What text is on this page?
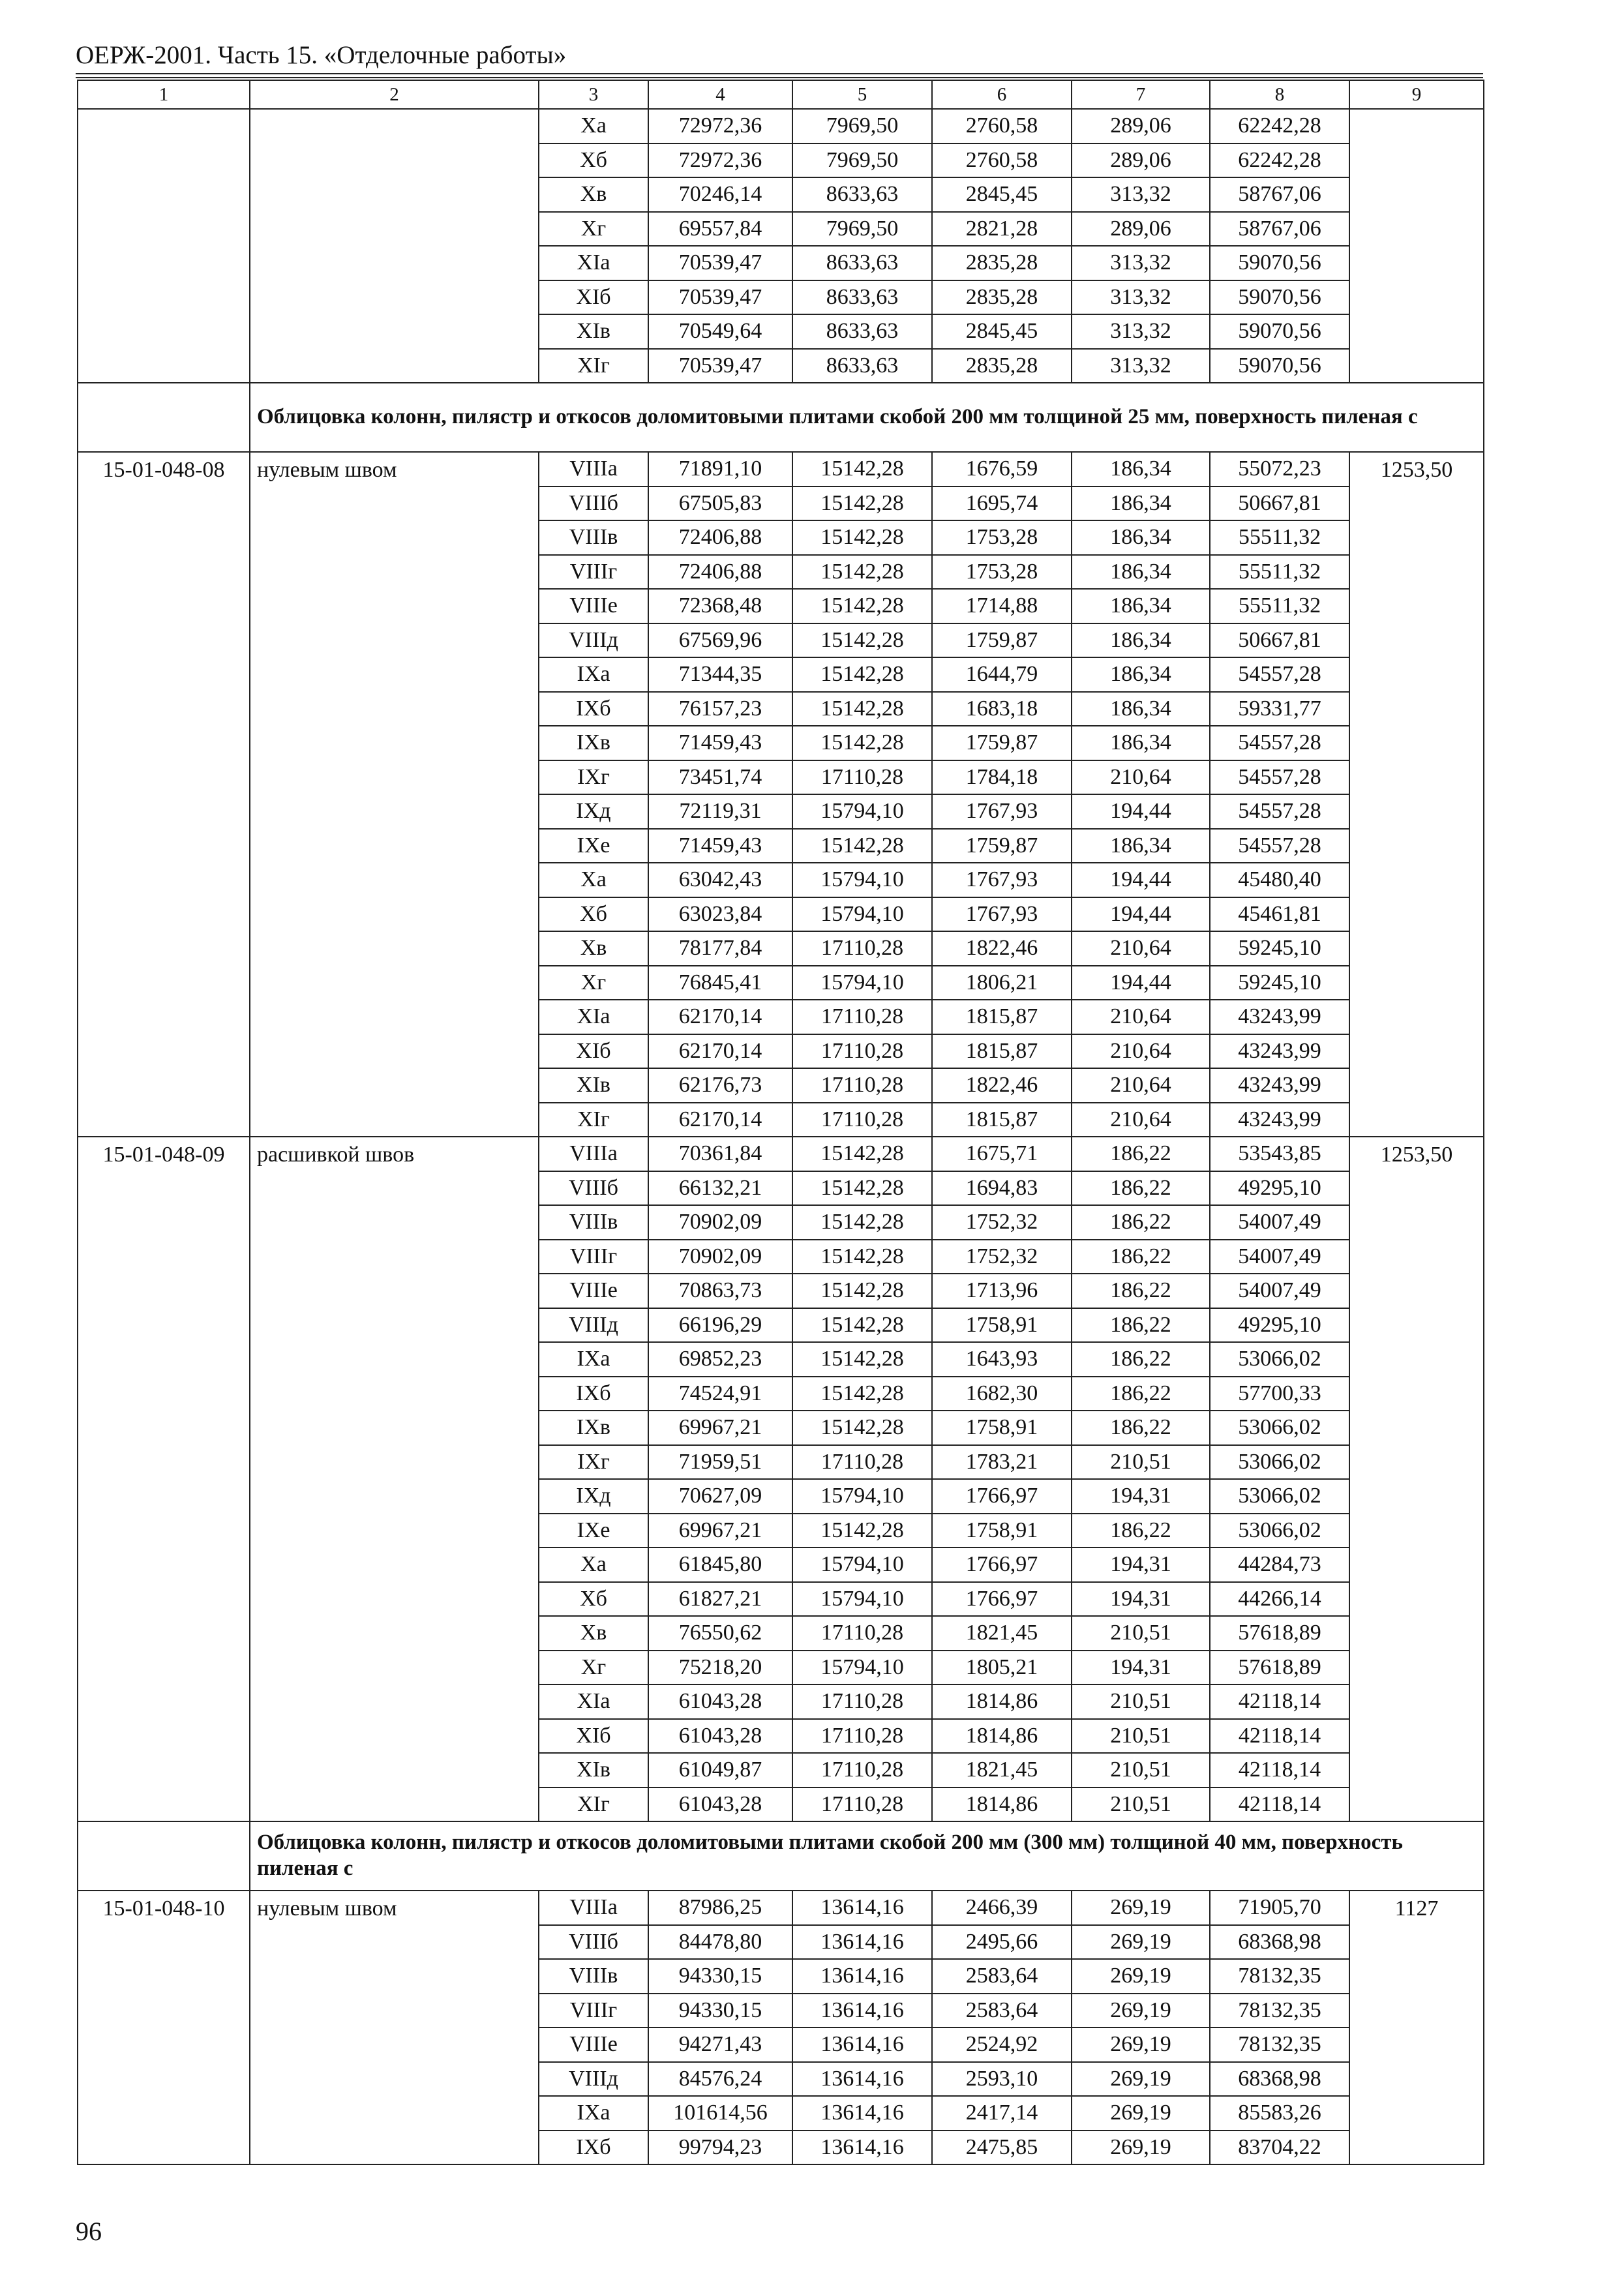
ОЕРЖ-2001. Часть 15. «Отделочные работы»
1	2	3	4	5	6	7	8	9
		Xa	72972,36	7969,50	2760,58	289,06	62242,28	
		Xб	72972,36	7969,50	2760,58	289,06	62242,28	
		Xв	70246,14	8633,63	2845,45	313,32	58767,06	
		Xг	69557,84	7969,50	2821,28	289,06	58767,06	
		XIa	70539,47	8633,63	2835,28	313,32	59070,56	
		XIб	70539,47	8633,63	2835,28	313,32	59070,56	
		XIв	70549,64	8633,63	2845,45	313,32	59070,56	
		XIг	70539,47	8633,63	2835,28	313,32	59070,56	
	Облицовка колонн, пилястр и откосов доломитовыми плитами скобой 200 мм толщиной 25 мм, поверхность пиленая с							
15-01-048-08	нулевым швом	VIIIa	71891,10	15142,28	1676,59	186,34	55072,23	1253,50
		VIIIб	67505,83	15142,28	1695,74	186,34	50667,81	
		VIIIв	72406,88	15142,28	1753,28	186,34	55511,32	
		VIIIг	72406,88	15142,28	1753,28	186,34	55511,32	
		VIIIe	72368,48	15142,28	1714,88	186,34	55511,32	
		VIIIд	67569,96	15142,28	1759,87	186,34	50667,81	
		IXa	71344,35	15142,28	1644,79	186,34	54557,28	
		IXб	76157,23	15142,28	1683,18	186,34	59331,77	
		IXв	71459,43	15142,28	1759,87	186,34	54557,28	
		IXг	73451,74	17110,28	1784,18	210,64	54557,28	
		IXд	72119,31	15794,10	1767,93	194,44	54557,28	
		IXe	71459,43	15142,28	1759,87	186,34	54557,28	
		Xa	63042,43	15794,10	1767,93	194,44	45480,40	
		Xб	63023,84	15794,10	1767,93	194,44	45461,81	
		Xв	78177,84	17110,28	1822,46	210,64	59245,10	
		Xг	76845,41	15794,10	1806,21	194,44	59245,10	
		XIa	62170,14	17110,28	1815,87	210,64	43243,99	
		XIб	62170,14	17110,28	1815,87	210,64	43243,99	
		XIв	62176,73	17110,28	1822,46	210,64	43243,99	
		XIг	62170,14	17110,28	1815,87	210,64	43243,99	
15-01-048-09	расшивкой швов	VIIIa	70361,84	15142,28	1675,71	186,22	53543,85	1253,50
		VIIIб	66132,21	15142,28	1694,83	186,22	49295,10	
		VIIIв	70902,09	15142,28	1752,32	186,22	54007,49	
		VIIIг	70902,09	15142,28	1752,32	186,22	54007,49	
		VIIIe	70863,73	15142,28	1713,96	186,22	54007,49	
		VIIIд	66196,29	15142,28	1758,91	186,22	49295,10	
		IXa	69852,23	15142,28	1643,93	186,22	53066,02	
		IXб	74524,91	15142,28	1682,30	186,22	57700,33	
		IXв	69967,21	15142,28	1758,91	186,22	53066,02	
		IXг	71959,51	17110,28	1783,21	210,51	53066,02	
		IXд	70627,09	15794,10	1766,97	194,31	53066,02	
		IXe	69967,21	15142,28	1758,91	186,22	53066,02	
		Xa	61845,80	15794,10	1766,97	194,31	44284,73	
		Xб	61827,21	15794,10	1766,97	194,31	44266,14	
		Xв	76550,62	17110,28	1821,45	210,51	57618,89	
		Xг	75218,20	15794,10	1805,21	194,31	57618,89	
		XIa	61043,28	17110,28	1814,86	210,51	42118,14	
		XIб	61043,28	17110,28	1814,86	210,51	42118,14	
		XIв	61049,87	17110,28	1821,45	210,51	42118,14	
		XIг	61043,28	17110,28	1814,86	210,51	42118,14	
	Облицовка колонн, пилястр и откосов доломитовыми плитами скобой 200 мм (300 мм) толщиной 40 мм, поверхность пиленая с							
15-01-048-10	нулевым швом	VIIIa	87986,25	13614,16	2466,39	269,19	71905,70	1127
		VIIIб	84478,80	13614,16	2495,66	269,19	68368,98	
		VIIIв	94330,15	13614,16	2583,64	269,19	78132,35	
		VIIIг	94330,15	13614,16	2583,64	269,19	78132,35	
		VIIIe	94271,43	13614,16	2524,92	269,19	78132,35	
		VIIIд	84576,24	13614,16	2593,10	269,19	68368,98	
		IXa	101614,56	13614,16	2417,14	269,19	85583,26	
		IXб	99794,23	13614,16	2475,85	269,19	83704,22	
96
